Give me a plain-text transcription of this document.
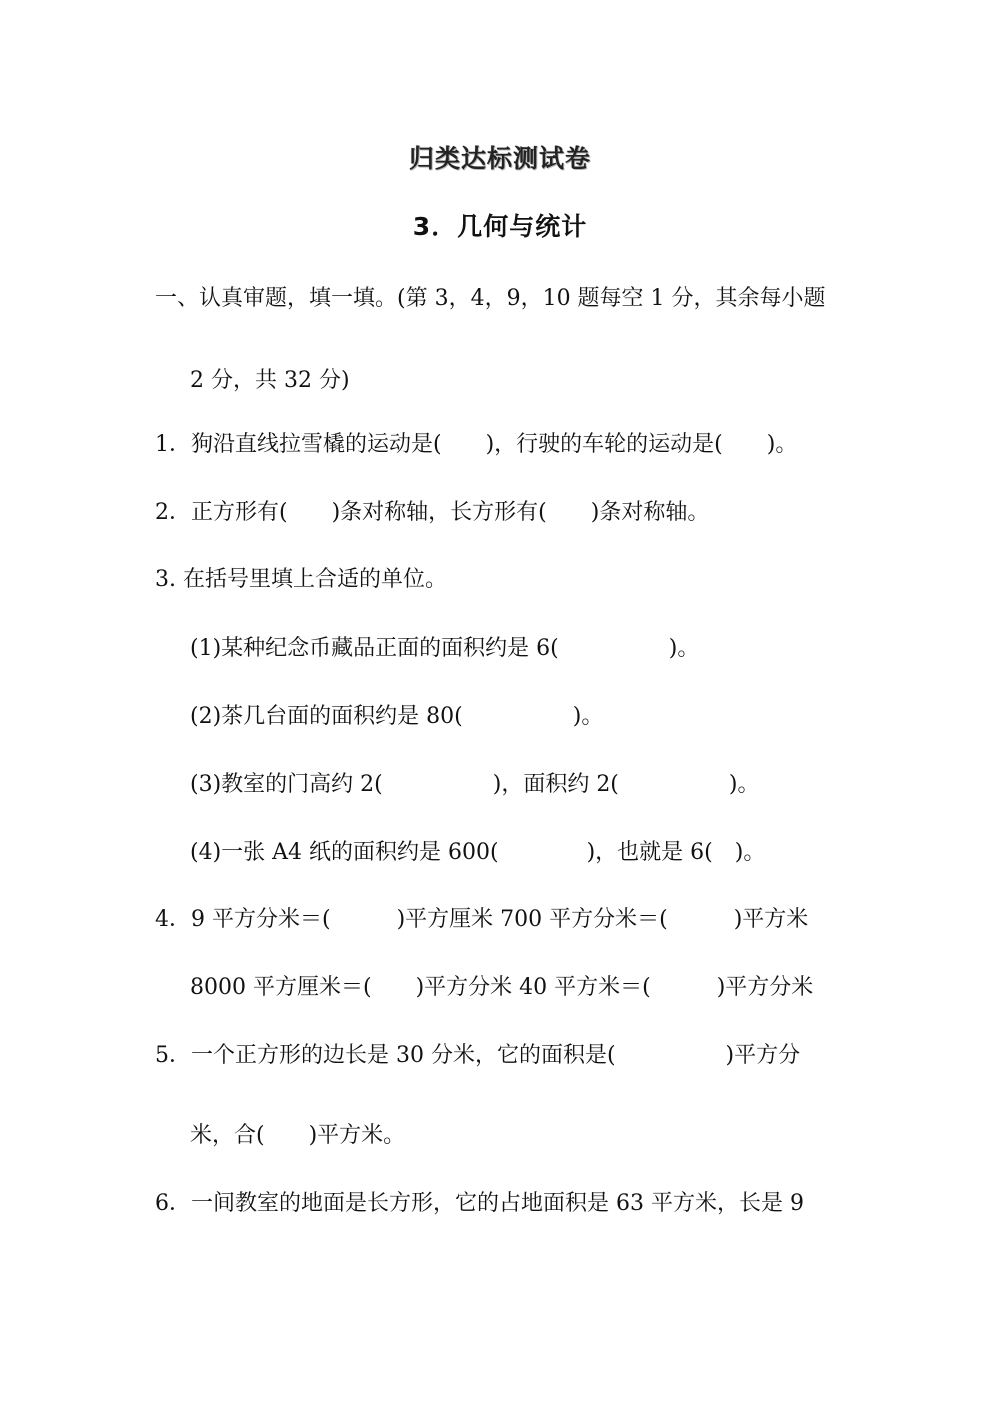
归类达标测试卷
3．几何与统计
一、认真审题，填一填。(第 3，4，9，10 题每空 1 分，其余每小题
2 分，共 32 分)
1．狗沿直线拉雪橇的运动是(　　)，行驶的车轮的运动是(　　)。
2．正方形有(　　)条对称轴，长方形有(　　)条对称轴。
3. 在括号里填上合适的单位。
(1)某种纪念币藏品正面的面积约是 6(　　　　　)。
(2)茶几台面的面积约是 80(　　　　　)。
(3)教室的门高约 2(　　　　　)，面积约 2(　　　　　)。
(4)一张 A4 纸的面积约是 600(　　　　)，也就是 6(　)。
4．9 平方分米＝(　　　)平方厘米 700 平方分米＝(　　　)平方米
8000 平方厘米＝(　　)平方分米 40 平方米＝(　　　)平方分米
5．一个正方形的边长是 30 分米，它的面积是(　　　　　)平方分
米，合(　　)平方米。
6．一间教室的地面是长方形，它的占地面积是 63 平方米，长是 9
